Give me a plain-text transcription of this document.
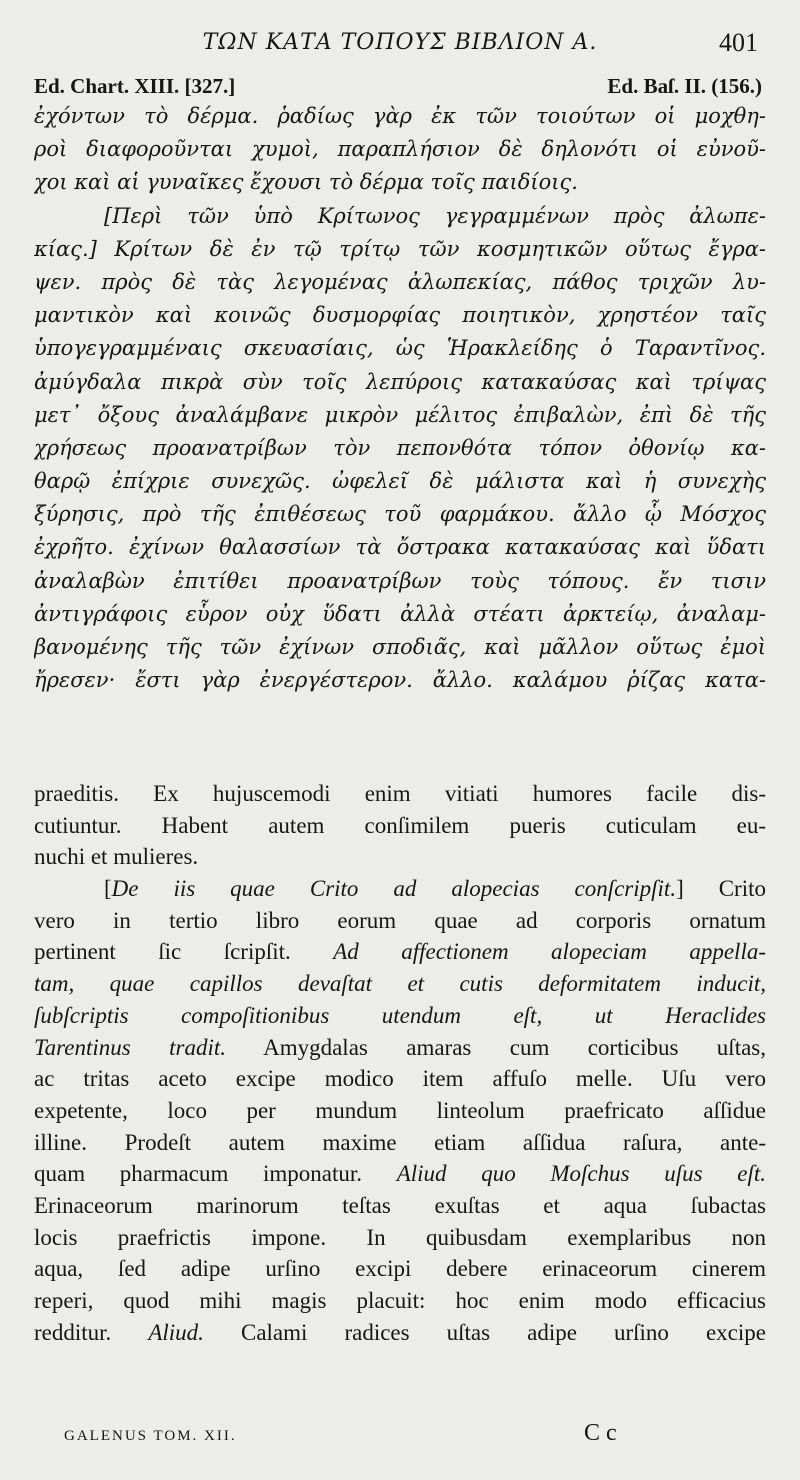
ΤΩΝ ΚΑΤΑ ΤΟΠΟΥΣ ΒΙΒΛΙΟΝ Α.	401
Ed. Chart. XIII. [327.]	Ed. Baſ. II. (156.)
ἐχόντων τὸ δέρμα. ῥαδίως γὰρ ἐκ τῶν τοιούτων οἱ μοχθη-
ροὶ διαφοροῦνται χυμοὶ, παραπλήσιον δὲ δηλονότι οἱ εὐνοῦ-
χοι καὶ αἱ γυναῖκες ἔχουσι τὸ δέρμα τοῖς παιδίοις.
[Περὶ τῶν ὑπὸ Κρίτωνος γεγραμμένων πρὸς ἀλωπε-
κίας.] Κρίτων δὲ ἐν τῷ τρίτῳ τῶν κοσμητικῶν οὕτως ἔγρα-
ψεν. πρὸς δὲ τὰς λεγομένας ἀλωπεκίας, πάθος τριχῶν λυ-
μαντικὸν καὶ κοινῶς δυσμορφίας ποιητικὸν, χρηστέον ταῖς
ὑπογεγραμμέναις σκευασίαις, ὡς Ἡρακλείδης ὁ Ταραντῖνος.
ἀμύγδαλα πικρὰ σὺν τοῖς λεπύροις κατακαύσας καὶ τρίψας
μετ᾽ ὄξους ἀναλάμβανε μικρὸν μέλιτος ἐπιβαλὼν, ἐπὶ δὲ τῆς
χρήσεως προανατρίβων τὸν πεπονθότα τόπον ὀθονίῳ κα-
θαρῷ ἐπίχριε συνεχῶς. ὠφελεῖ δὲ μάλιστα καὶ ἡ συνεχὴς
ξύρησις, πρὸ τῆς ἐπιθέσεως τοῦ φαρμάκου. ἄλλο ᾧ Μόσχος
ἐχρῆτο. ἐχίνων θαλασσίων τὰ ὄστρακα κατακαύσας καὶ ὕδατι
ἀναλαβὼν ἐπιτίθει προανατρίβων τοὺς τόπους. ἔν τισιν
ἀντιγράφοις εὗρον οὐχ ὕδατι ἀλλὰ στέατι ἀρκτείῳ, ἀναλαμ-
βανομένης τῆς τῶν ἐχίνων σποδιᾶς, καὶ μᾶλλον οὕτως ἐμοὶ
ἤρεσεν· ἔστι γὰρ ἐνεργέστερον. ἄλλο. καλάμου ῥίζας κατα-
praeditis. Ex hujuscemodi enim vitiati humores facile dis-
cutiuntur. Habent autem conſimilem pueris cuticulam eu-
nuchi et mulieres.
[De iis quae Crito ad alopecias conſcripſit.] Crito
vero in tertio libro eorum quae ad corporis ornatum
pertinent ſic ſcripſit. Ad affectionem alopeciam appella-
tam, quae capillos devaſtat et cutis deformitatem inducit,
ſubſcriptis compoſitionibus utendum eſt, ut Heraclides
Tarentinus tradit. Amygdalas amaras cum corticibus uſtas,
ac tritas aceto excipe modico item affuſo melle. Uſu vero
expetente, loco per mundum linteolum praefricato aſſidue
illine. Prodeſt autem maxime etiam aſſidua raſura, ante-
quam pharmacum imponatur. Aliud quo Moſchus uſus eſt.
Erinaceorum marinorum teſtas exuſtas et aqua ſubactas
locis praefrictis impone. In quibusdam exemplaribus non
aqua, ſed adipe urſino excipi debere erinaceorum cinerem
reperi, quod mihi magis placuit: hoc enim modo efficacius
redditur. Aliud. Calami radices uſtas adipe urſino excipe
GALENUS TOM. XII.	C c
